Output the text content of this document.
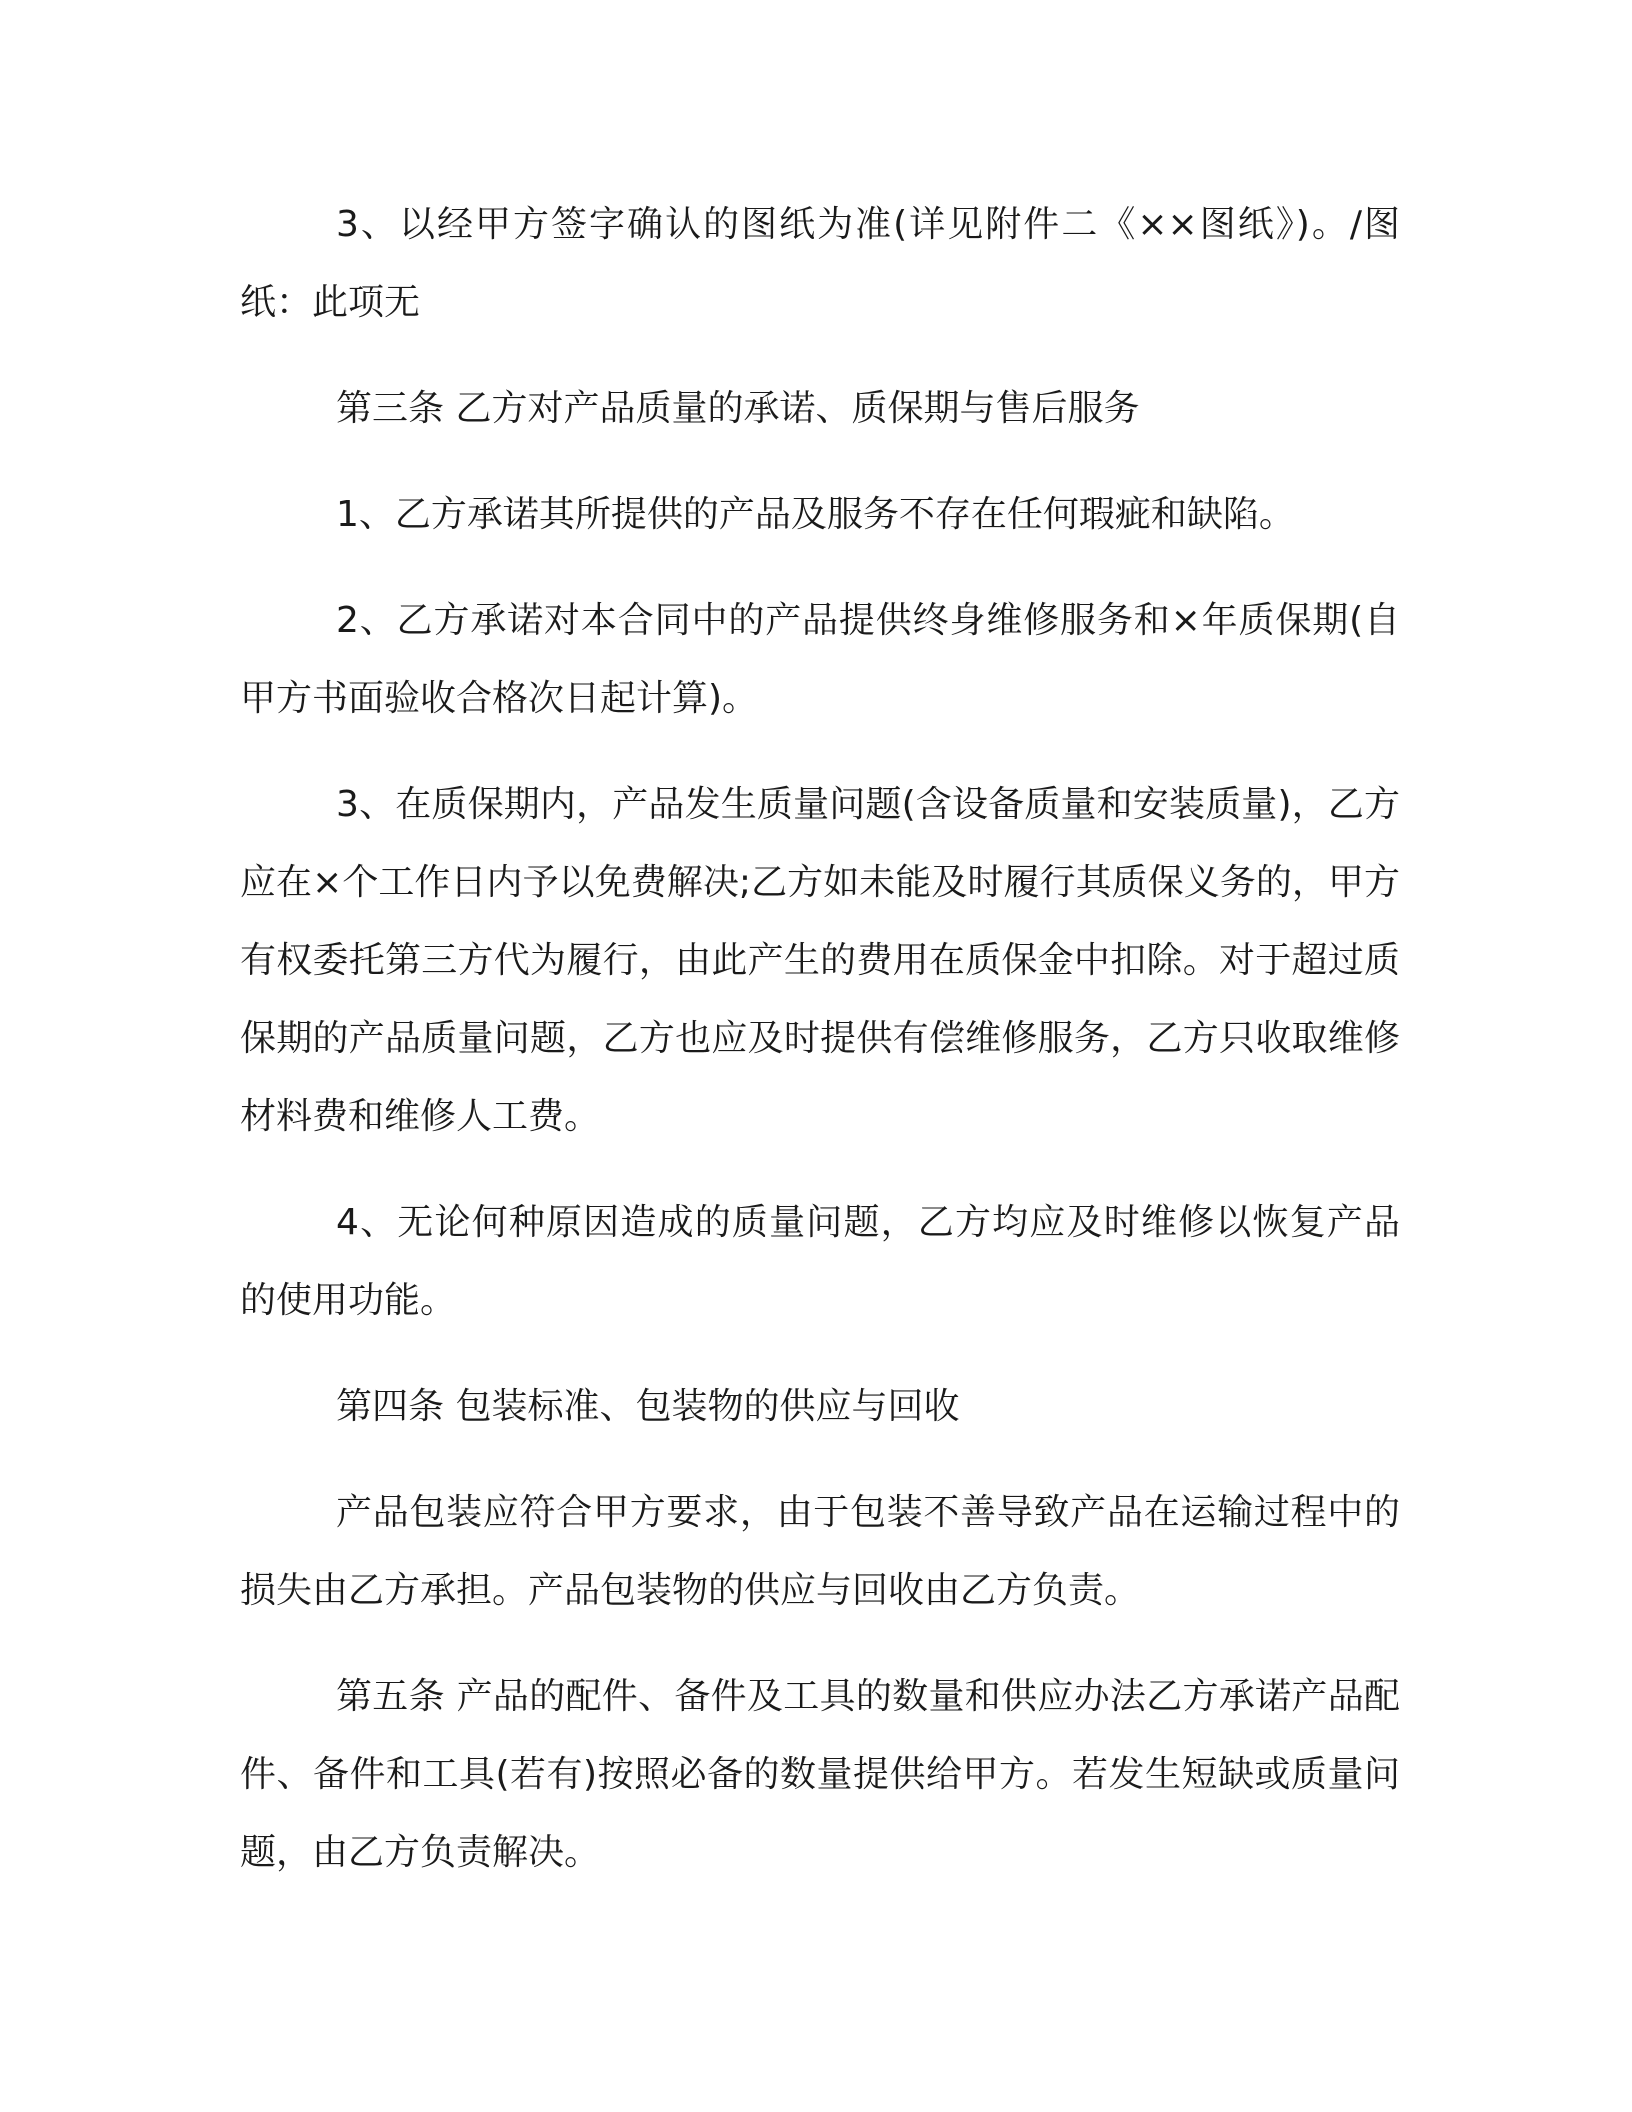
3、以经甲方签字确认的图纸为准(详见附件二《××图纸》)。/图纸：此项无

第三条 乙方对产品质量的承诺、质保期与售后服务

1、乙方承诺其所提供的产品及服务不存在任何瑕疵和缺陷。

2、乙方承诺对本合同中的产品提供终身维修服务和×年质保期(自甲方书面验收合格次日起计算)。

3、在质保期内，产品发生质量问题(含设备质量和安装质量)，乙方应在×个工作日内予以免费解决;乙方如未能及时履行其质保义务的，甲方有权委托第三方代为履行，由此产生的费用在质保金中扣除。对于超过质保期的产品质量问题，乙方也应及时提供有偿维修服务，乙方只收取维修材料费和维修人工费。

4、无论何种原因造成的质量问题，乙方均应及时维修以恢复产品的使用功能。

第四条 包装标准、包装物的供应与回收

产品包装应符合甲方要求，由于包装不善导致产品在运输过程中的损失由乙方承担。产品包装物的供应与回收由乙方负责。

第五条 产品的配件、备件及工具的数量和供应办法乙方承诺产品配件、备件和工具(若有)按照必备的数量提供给甲方。若发生短缺或质量问题，由乙方负责解决。
